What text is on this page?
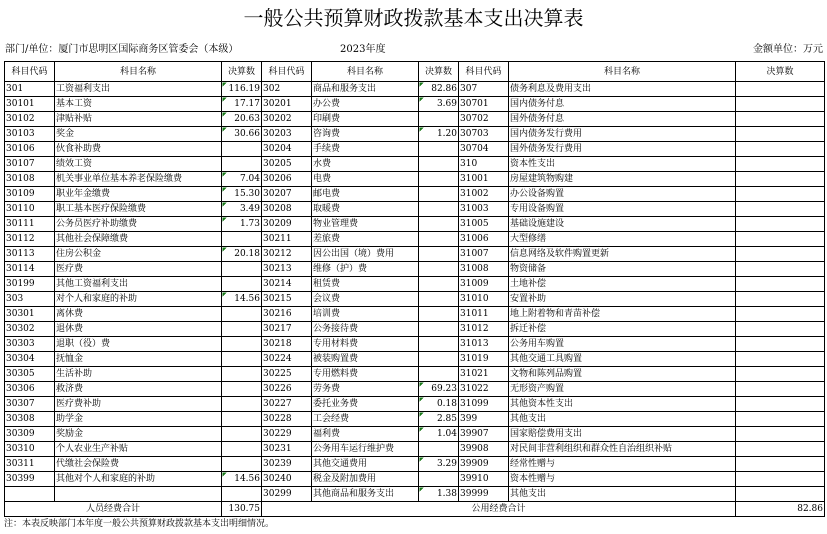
一般公共预算财政拨款基本支出决算表
部门/单位：厦门市思明区国际商务区管委会（本级）	2023年度	金额单位：万元
科目代码	科目名称	决算数	科目代码	科目名称	决算数	科目代码	科目名称	决算数
301	工资福利支出	116.19	302	商品和服务支出	82.86	307	债务利息及费用支出	
30101	基本工资	17.17	30201	办公费	3.69	30701	国内债务付息	
30102	津贴补贴	20.63	30202	印刷费		30702	国外债务付息	
30103	奖金	30.66	30203	咨询费	1.20	30703	国内债务发行费用	
30106	伙食补助费		30204	手续费		30704	国外债务发行费用	
30107	绩效工资		30205	水费		310	资本性支出	
30108	机关事业单位基本养老保险缴费	7.04	30206	电费		31001	房屋建筑物购建	
30109	职业年金缴费	15.30	30207	邮电费		31002	办公设备购置	
30110	职工基本医疗保险缴费	3.49	30208	取暖费		31003	专用设备购置	
30111	公务员医疗补助缴费	1.73	30209	物业管理费		31005	基础设施建设	
30112	其他社会保障缴费		30211	差旅费		31006	大型修缮	
30113	住房公积金	20.18	30212	因公出国（境）费用		31007	信息网络及软件购置更新	
30114	医疗费		30213	维修（护）费		31008	物资储备	
30199	其他工资福利支出		30214	租赁费		31009	土地补偿	
303	对个人和家庭的补助	14.56	30215	会议费		31010	安置补助	
30301	离休费		30216	培训费		31011	地上附着物和青苗补偿	
30302	退休费		30217	公务接待费		31012	拆迁补偿	
30303	退职（役）费		30218	专用材料费		31013	公务用车购置	
30304	抚恤金		30224	被装购置费		31019	其他交通工具购置	
30305	生活补助		30225	专用燃料费		31021	文物和陈列品购置	
30306	救济费		30226	劳务费	69.23	31022	无形资产购置	
30307	医疗费补助		30227	委托业务费	0.18	31099	其他资本性支出	
30308	助学金		30228	工会经费	2.85	399	其他支出	
30309	奖励金		30229	福利费	1.04	39907	国家赔偿费用支出	
30310	个人农业生产补贴		30231	公务用车运行维护费		39908	对民间非营利组织和群众性自治组织补贴	
30311	代缴社会保险费		30239	其他交通费用	3.29	39909	经常性赠与	
30399	其他对个人和家庭的补助	14.56	30240	税金及附加费用		39910	资本性赠与	
			30299	其他商品和服务支出	1.38	39999	其他支出	
人员经费合计		130.75	公用经费合计					82.86
注：本表反映部门本年度一般公共预算财政拨款基本支出明细情况。
